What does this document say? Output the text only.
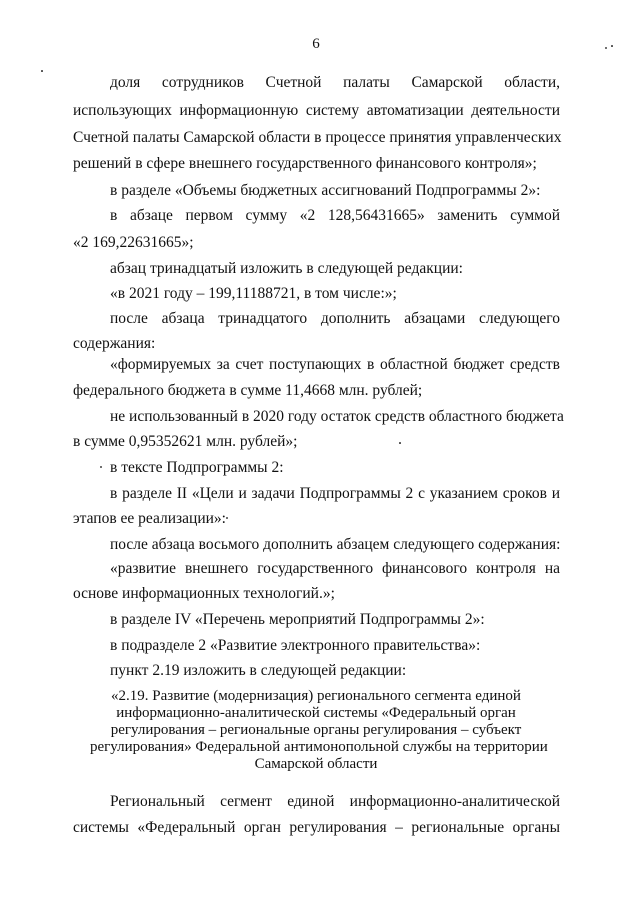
6
доля сотрудников Счетной палаты Самарской области,
использующих информационную систему автоматизации деятельности
Счетной палаты Самарской области в процессе принятия управленческих
решений в сфере внешнего государственного финансового контроля»;
в разделе «Объемы бюджетных ассигнований Подпрограммы 2»:
в абзаце первом сумму «2 128,56431665» заменить суммой
«2 169,22631665»;
абзац тринадцатый изложить в следующей редакции:
«в 2021 году – 199,11188721, в том числе:»;
после абзаца тринадцатого дополнить абзацами следующего
содержания:
«формируемых за счет поступающих в областной бюджет средств
федерального бюджета в сумме 11,4668 млн. рублей;
не использованный в 2020 году остаток средств областного бюджета
в сумме 0,95352621 млн. рублей»;
в тексте Подпрограммы 2:
в разделе II «Цели и задачи Подпрограммы 2 с указанием сроков и
этапов ее реализации»:
после абзаца восьмого дополнить абзацем следующего содержания:
«развитие внешнего государственного финансового контроля на
основе информационных технологий.»;
в разделе IV «Перечень мероприятий Подпрограммы 2»:
в подразделе 2 «Развитие электронного правительства»:
пункт 2.19 изложить в следующей редакции:
«2.19. Развитие (модернизация) регионального сегмента единой
информационно-аналитической системы «Федеральный орган
регулирования – региональные органы регулирования – субъект
регулирования» Федеральной антимонопольной службы на территории
Самарской области
Региональный сегмент единой информационно-аналитической
системы «Федеральный орган регулирования – региональные органы
